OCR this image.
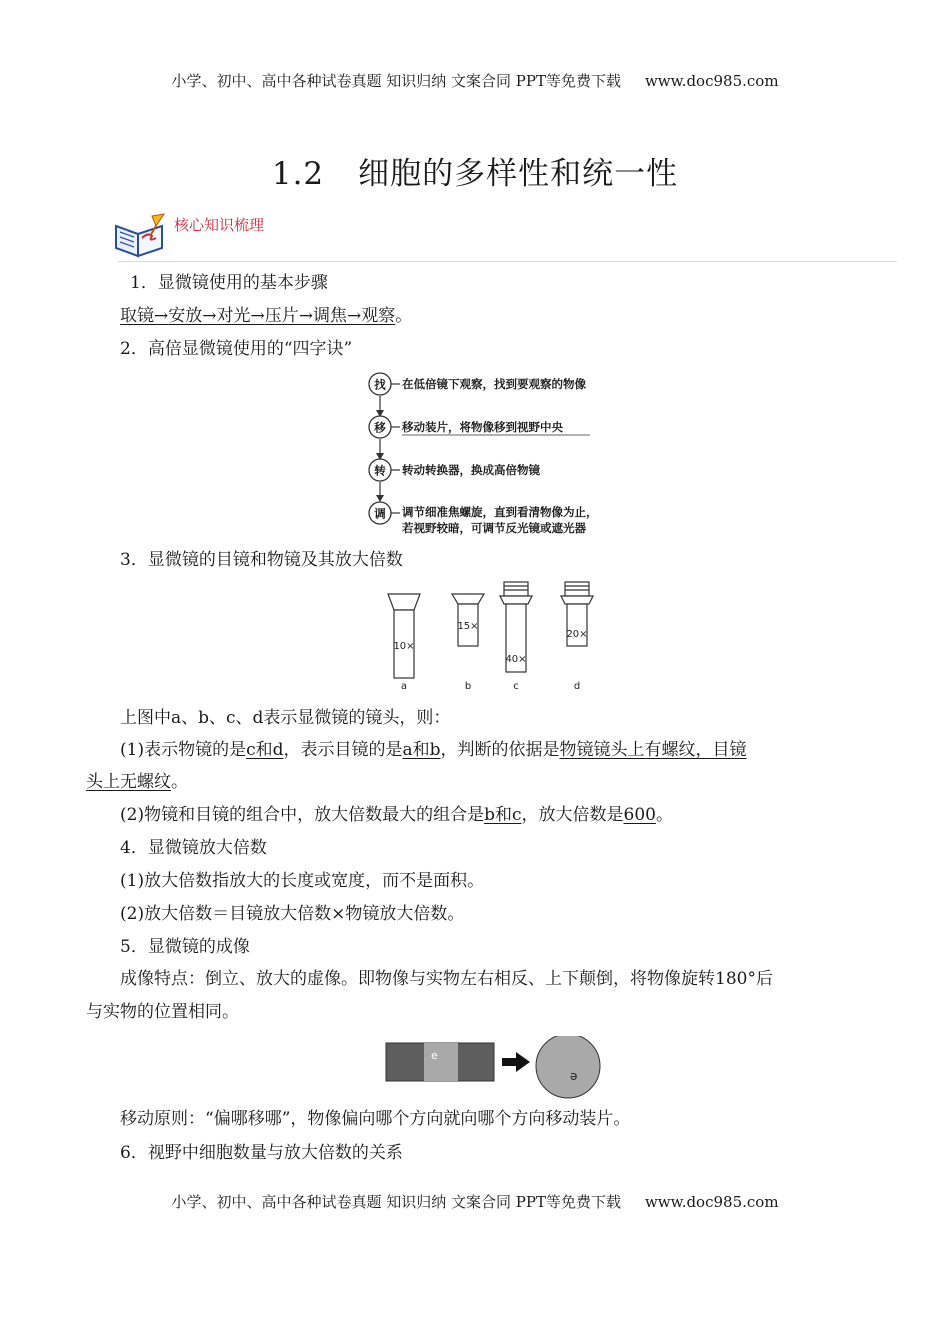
小学、初中、高中各种试卷真题 知识归纳 文案合同 PPT等免费下载 www.doc985.com
1.2 细胞的多样性和统一性
核心知识梳理
1．显微镜使用的基本步骤
取镜→安放→对光→压片→调焦→观察。
2．高倍显微镜使用的“四字诀”
找 在低倍镜下观察，找到要观察的物像
移 移动装片，将物像移到视野中央
转 转动转换器，换成高倍物镜
调 调节细准焦螺旋，直到看清物像为止，
若视野较暗，可调节反光镜或遮光器
3．显微镜的目镜和物镜及其放大倍数
10×
a
15×
b
40×
c
20×
d
上图中a、b、c、d表示显微镜的镜头，则：
(1)表示物镜的是c和d，表示目镜的是a和b，判断的依据是物镜镜头上有螺纹，目镜
头上无螺纹。
(2)物镜和目镜的组合中，放大倍数最大的组合是b和c，放大倍数是600。
4．显微镜放大倍数
(1)放大倍数指放大的长度或宽度，而不是面积。
(2)放大倍数＝目镜放大倍数×物镜放大倍数。
5．显微镜的成像
成像特点：倒立、放大的虚像。即物像与实物左右相反、上下颠倒，将物像旋转180°后
与实物的位置相同。
e
ə
移动原则：“偏哪移哪”，物像偏向哪个方向就向哪个方向移动装片。
6．视野中细胞数量与放大倍数的关系
小学、初中、高中各种试卷真题 知识归纳 文案合同 PPT等免费下载 www.doc985.com
